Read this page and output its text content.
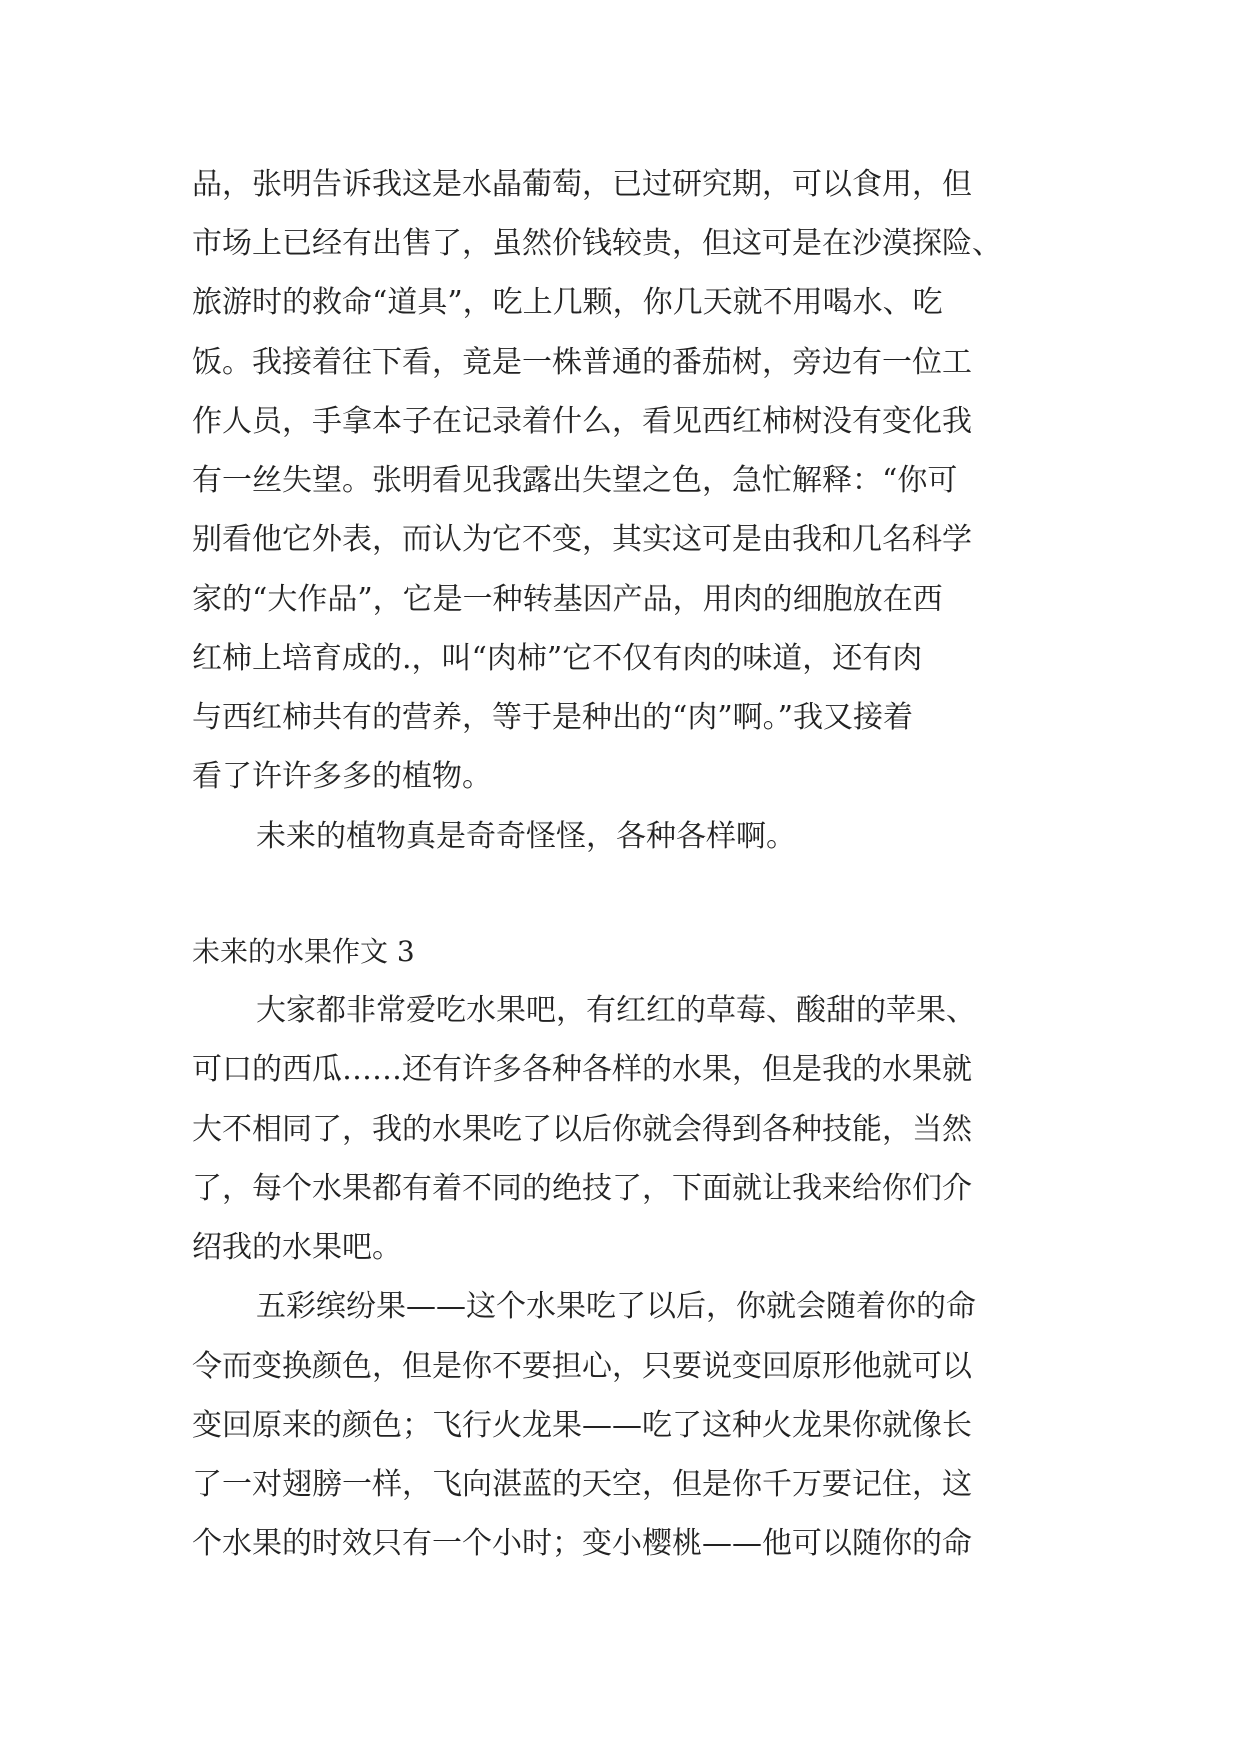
品，张明告诉我这是水晶葡萄，已过研究期，可以食用，但
市场上已经有出售了，虽然价钱较贵，但这可是在沙漠探险、
旅游时的救命“道具”，吃上几颗，你几天就不用喝水、吃
饭。我接着往下看，竟是一株普通的番茄树，旁边有一位工
作人员，手拿本子在记录着什么，看见西红柿树没有变化我
有一丝失望。张明看见我露出失望之色，急忙解释：“你可
别看他它外表，而认为它不变，其实这可是由我和几名科学
家的“大作品”，它是一种转基因产品，用肉的细胞放在西
红柿上培育成的.，叫“肉柿”它不仅有肉的味道，还有肉
与西红柿共有的营养，等于是种出的“肉”啊。”我又接着
看了许许多多的植物。
未来的植物真是奇奇怪怪，各种各样啊。
未来的水果作文 3
大家都非常爱吃水果吧，有红红的草莓、酸甜的苹果、
可口的西瓜……还有许多各种各样的水果，但是我的水果就
大不相同了，我的水果吃了以后你就会得到各种技能，当然
了，每个水果都有着不同的绝技了，下面就让我来给你们介
绍我的水果吧。
五彩缤纷果——这个水果吃了以后，你就会随着你的命
令而变换颜色，但是你不要担心，只要说变回原形他就可以
变回原来的颜色；飞行火龙果——吃了这种火龙果你就像长
了一对翅膀一样，飞向湛蓝的天空，但是你千万要记住，这
个水果的时效只有一个小时；变小樱桃——他可以随你的命
